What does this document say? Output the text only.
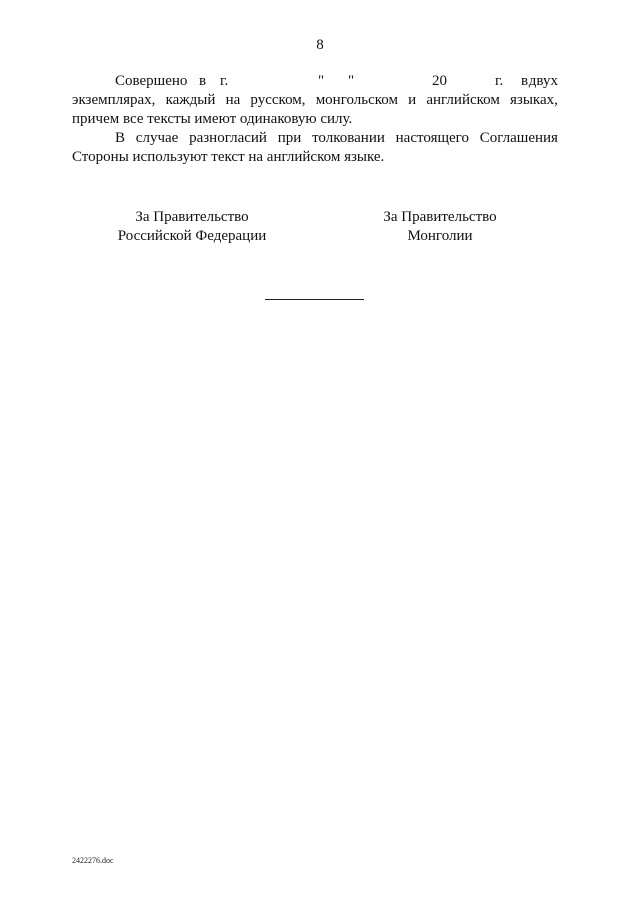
8
Совершено в г.	" "	20	г. в двух
экземплярах, каждый на русском, монгольском и английском языках,
причем все тексты имеют одинаковую силу.
В случае разногласий при толковании настоящего Соглашения
Стороны используют текст на английском языке.
За Правительство
Российской Федерации
За Правительство
Монголии
2422276.doc
